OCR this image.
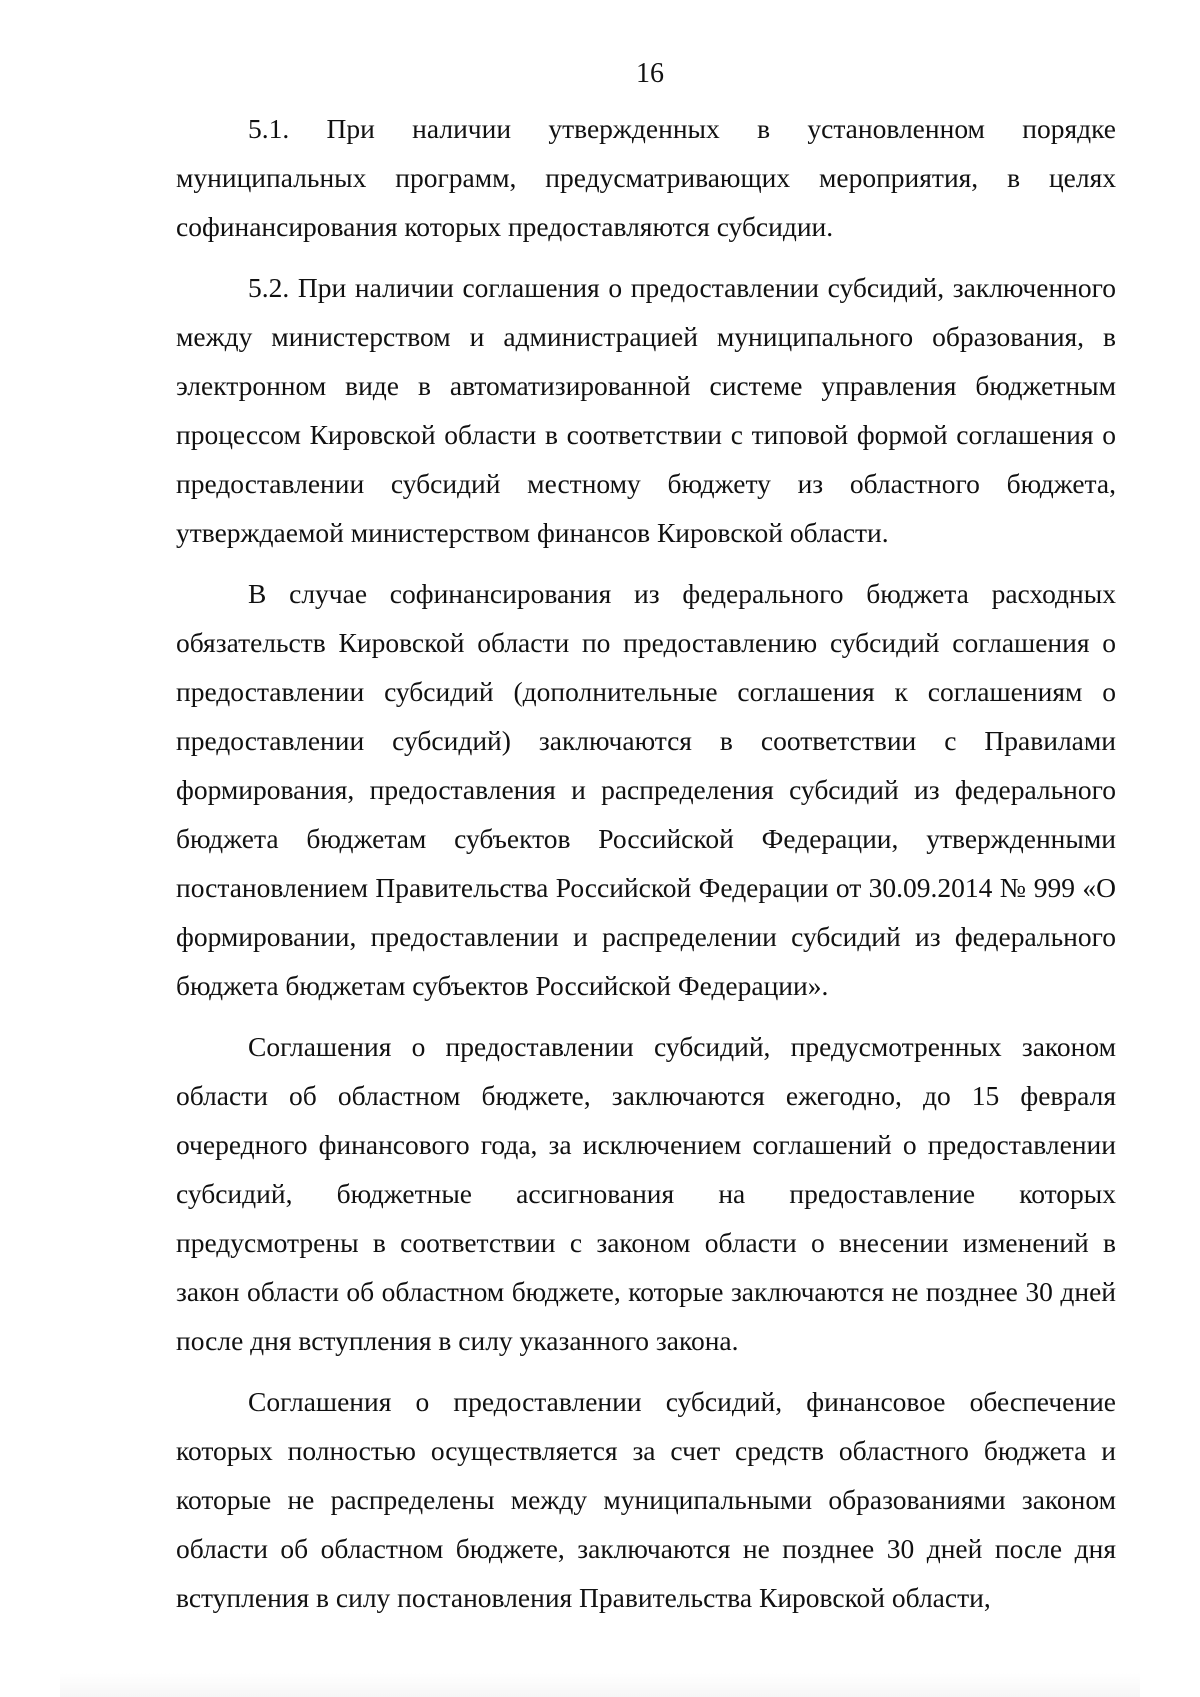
16

5.1. При наличии утвержденных в установленном порядке муниципальных программ, предусматривающих мероприятия, в целях софинансирования которых предоставляются субсидии.

5.2. При наличии соглашения о предоставлении субсидий, заключенного между министерством и администрацией муниципального образования, в электронном виде в автоматизированной системе управления бюджетным процессом Кировской области в соответствии с типовой формой соглашения о предоставлении субсидий местному бюджету из областного бюджета, утверждаемой министерством финансов Кировской области.

В случае софинансирования из федерального бюджета расходных обязательств Кировской области по предоставлению субсидий соглашения о предоставлении субсидий (дополнительные соглашения к соглашениям о предоставлении субсидий) заключаются в соответствии с Правилами формирования, предоставления и распределения субсидий из федерального бюджета бюджетам субъектов Российской Федерации, утвержденными постановлением Правительства Российской Федерации от 30.09.2014 № 999 «О формировании, предоставлении и распределении субсидий из федерального бюджета бюджетам субъектов Российской Федерации».

Соглашения о предоставлении субсидий, предусмотренных законом области об областном бюджете, заключаются ежегодно, до 15 февраля очередного финансового года, за исключением соглашений о предоставлении субсидий, бюджетные ассигнования на предоставление которых предусмотрены в соответствии с законом области о внесении изменений в закон области об областном бюджете, которые заключаются не позднее 30 дней после дня вступления в силу указанного закона.

Соглашения о предоставлении субсидий, финансовое обеспечение которых полностью осуществляется за счет средств областного бюджета и которые не распределены между муниципальными образованиями законом области об областном бюджете, заключаются не позднее 30 дней после дня вступления в силу постановления Правительства Кировской области,
